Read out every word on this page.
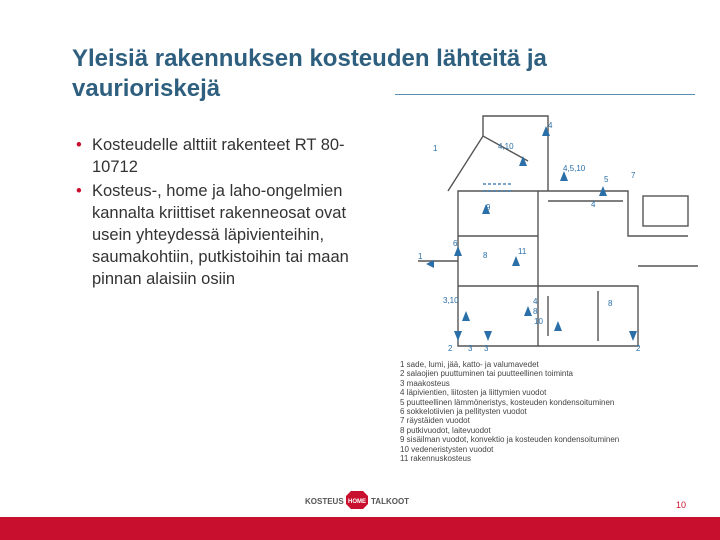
Yleisiä rakennuksen kosteuden lähteitä ja vaurioriskejä
• Kosteudelle alttiit rakenteet RT 80-10712
• Kosteus-, home ja laho-ongelmien kannalta kriittiset rakenneosat ovat usein yhteydessä läpivienteihin, saumakohtiin, putkistoihin tai maan pinnan alaisiin osiin
1	4,10
4
4,5,10
5	7
4
9
6
8	11
1
3,10	4
8
10
8
2
3 3
2
1 sade, lumi, jää, katto- ja valumavedet
2 salaojien puuttuminen tai puutteellinen toiminta
3 maakosteus
4 läpivientien, liitosten ja liittymien vuodot
5 puutteellinen lämmöneristys, kosteuden kondensoituminen
6 sokkelotiivien ja pellitysten vuodot
7 räystäiden vuodot
8 putkivuodot, laitevuodot
9 sisäilman vuodot, konvektio ja kosteuden kondensoituminen
10 vedeneristysten vuodot
11 rakennuskosteus
KOSTEUS HOME TALKOOT	10
